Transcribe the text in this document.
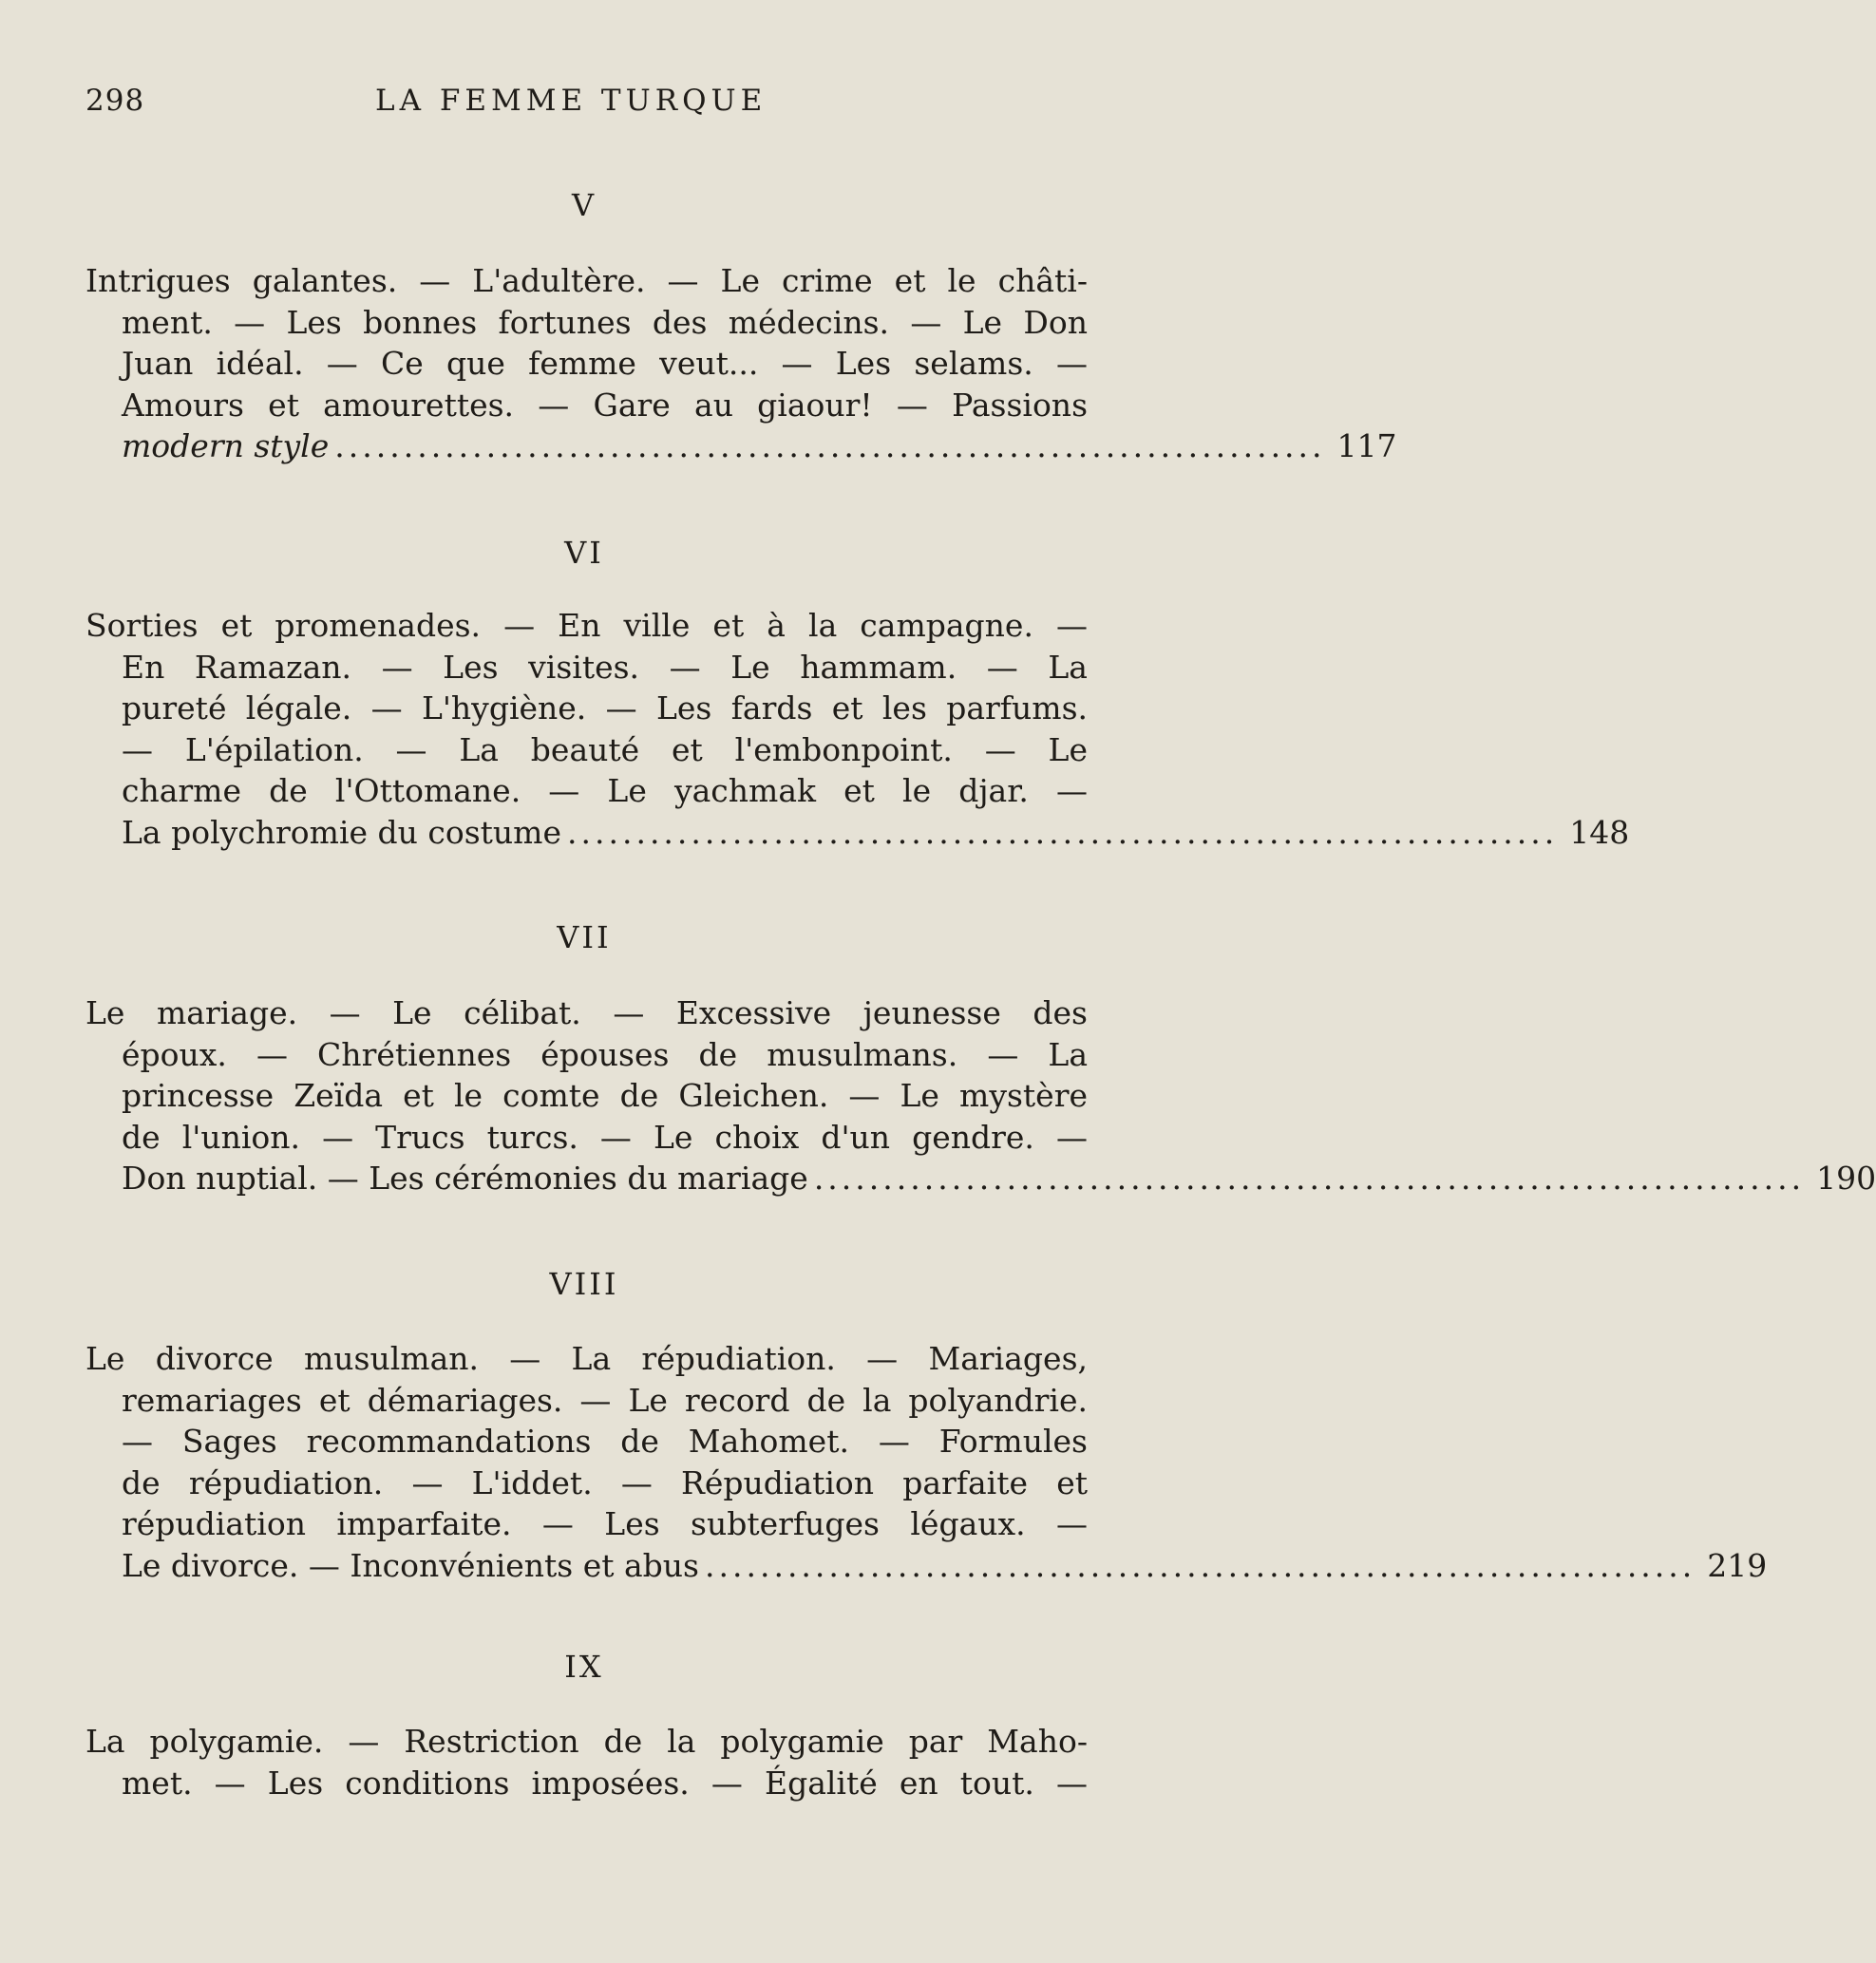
298	LA FEMME TURQUE
V
Intrigues galantes. — L'adultère. — Le crime et le châti-
ment. — Les bonnes fortunes des médecins. — Le Don
Juan idéal. — Ce que femme veut... — Les selams. —
Amours et amourettes. — Gare au giaour! — Passions
modern style ........................................................................ 117
VI
Sorties et promenades. — En ville et à la campagne. —
En Ramazan. — Les visites. — Le hammam. — La
pureté légale. — L'hygiène. — Les fards et les parfums.
— L'épilation. — La beauté et l'embonpoint. — Le
charme de l'Ottomane. — Le yachmak et le djar. —
La polychromie du costume ........................................................................ 148
VII
Le mariage. — Le célibat. — Excessive jeunesse des
époux. — Chrétiennes épouses de musulmans. — La
princesse Zeïda et le comte de Gleichen. — Le mystère
de l'union. — Trucs turcs. — Le choix d'un gendre. —
Don nuptial. — Les cérémonies du mariage ........................................................................ 190
VIII
Le divorce musulman. — La répudiation. — Mariages,
remariages et démariages. — Le record de la polyandrie.
— Sages recommandations de Mahomet. — Formules
de répudiation. — L'iddet. — Répudiation parfaite et
répudiation imparfaite. — Les subterfuges légaux. —
Le divorce. — Inconvénients et abus ........................................................................ 219
IX
La polygamie. — Restriction de la polygamie par Maho-
met. — Les conditions imposées. — Égalité en tout. —
